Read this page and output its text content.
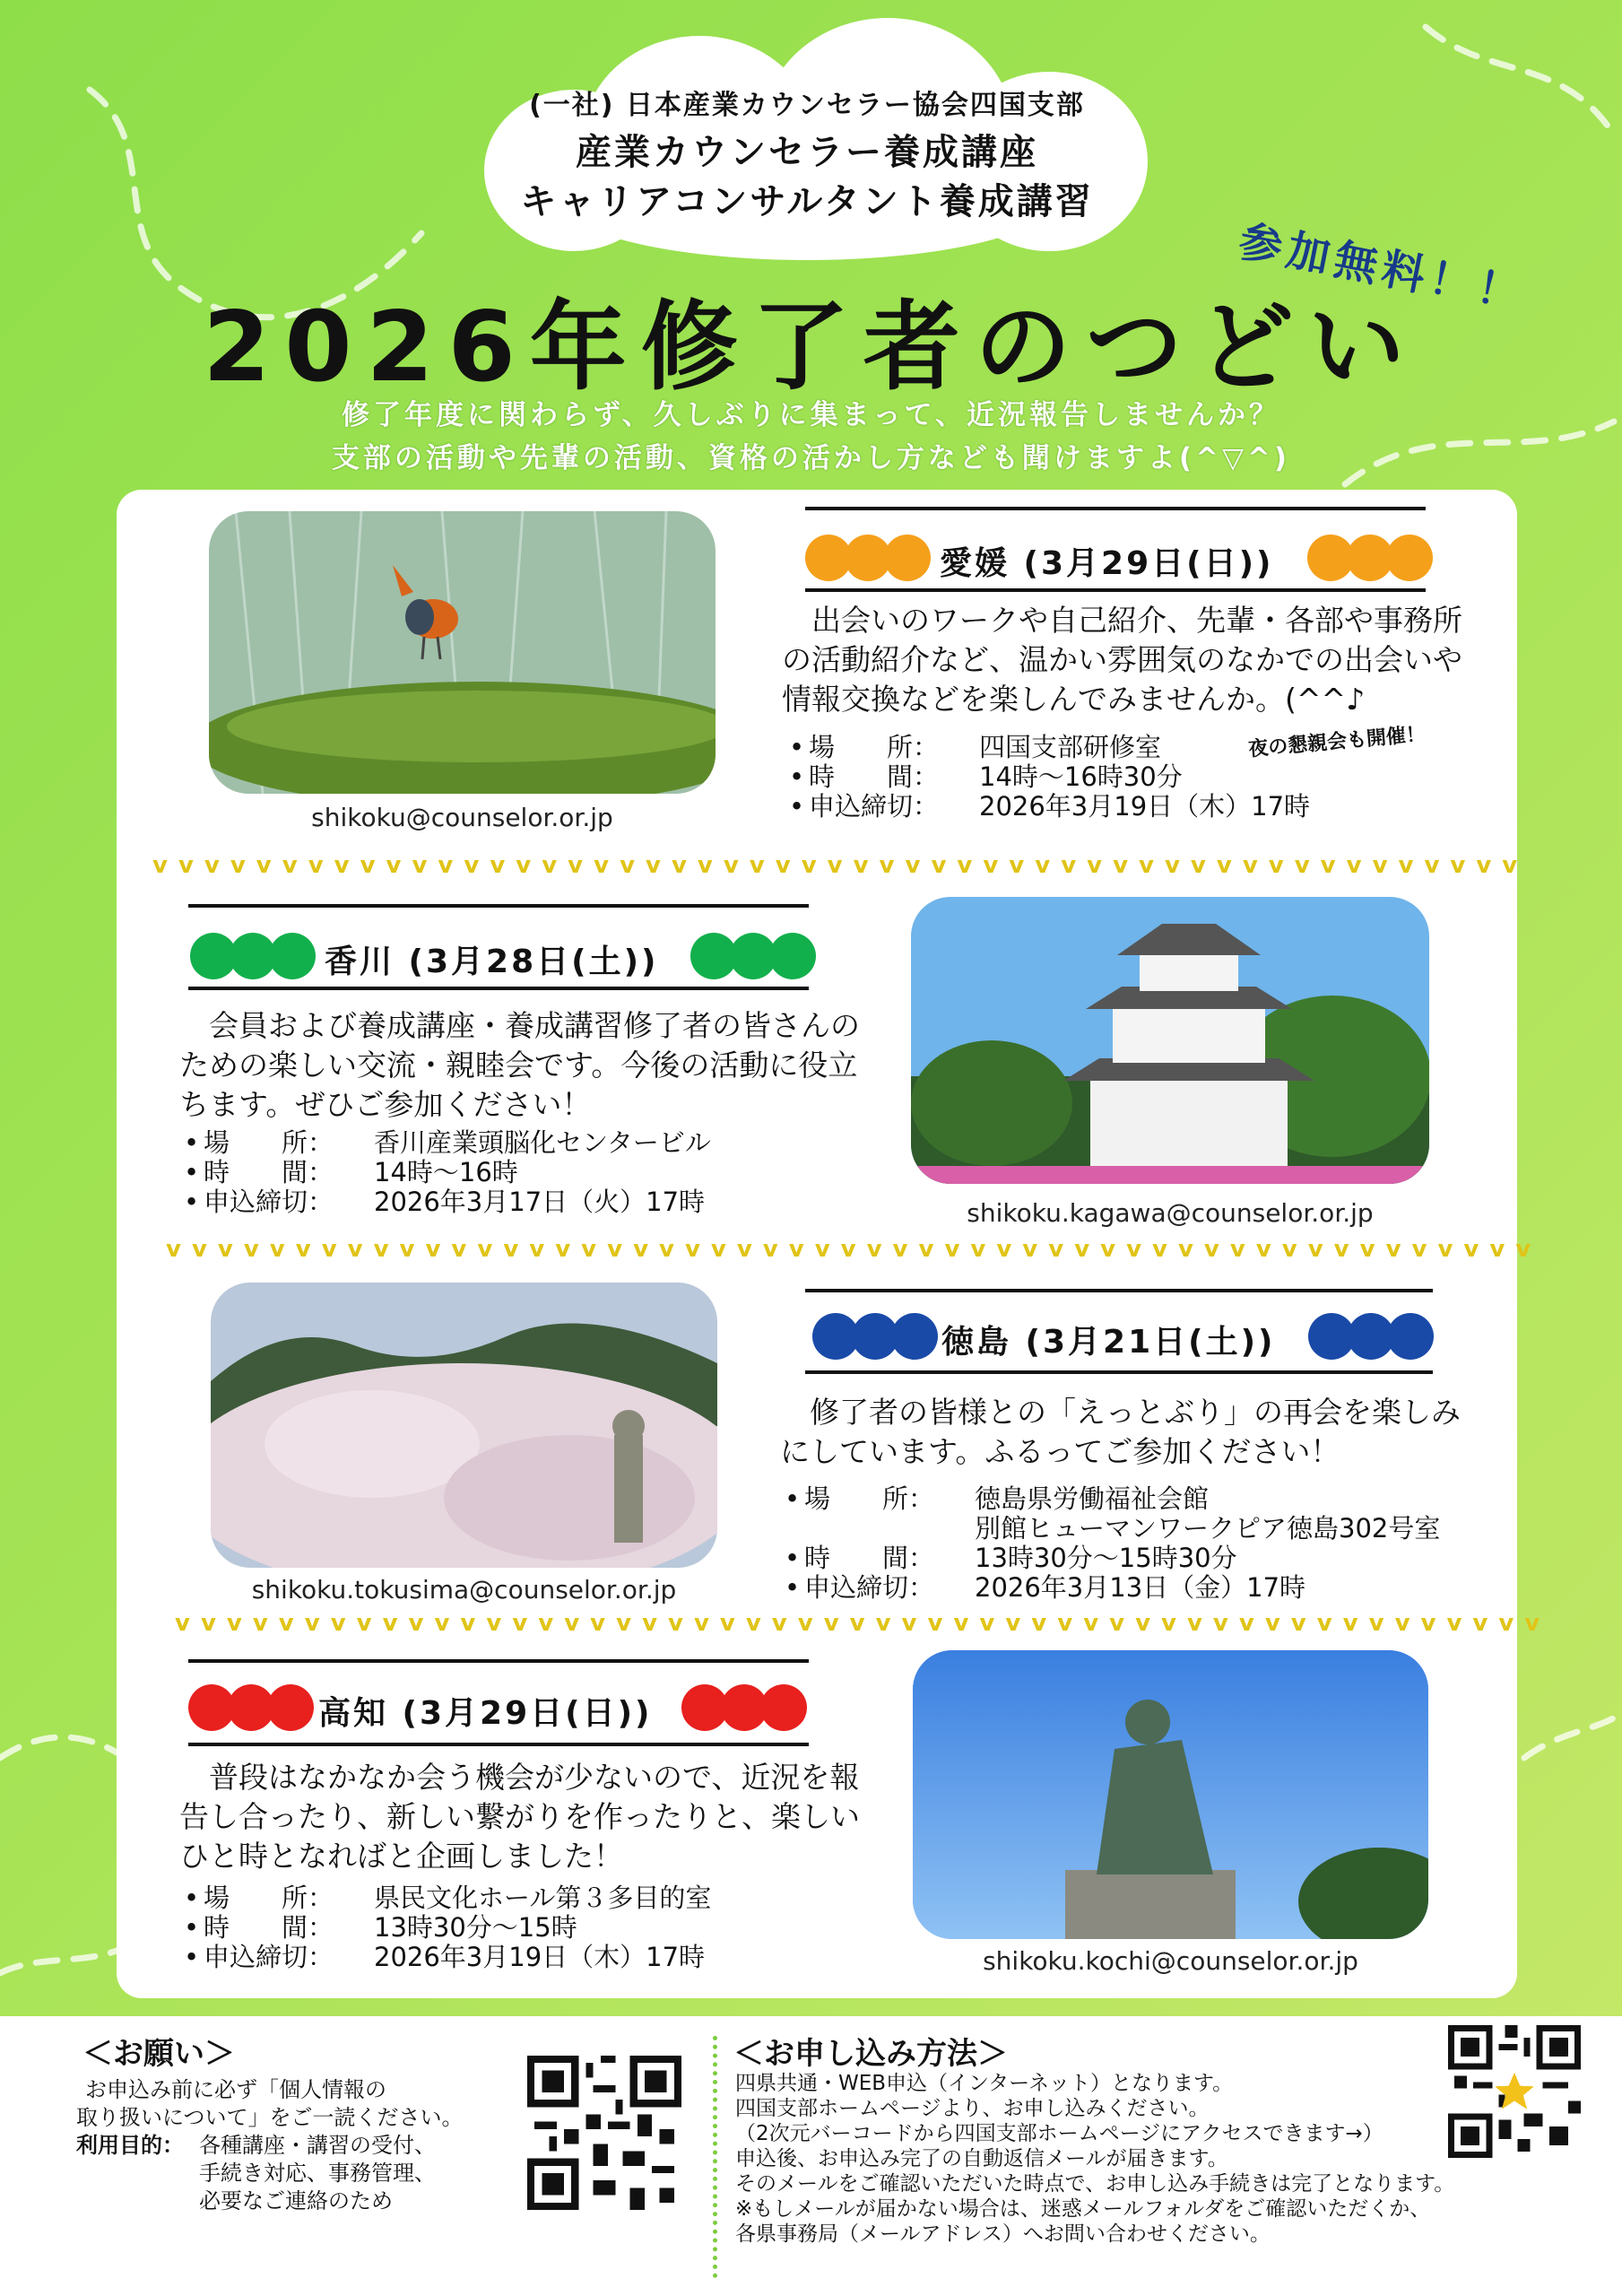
(一社) 日本産業カウンセラー協会四国支部
産業カウンセラー養成講座
キャリアコンサルタント養成講習
参加無料！！
2026年修了者のつどい
修了年度に関わらず、久しぶりに集まって、近況報告しませんか？
支部の活動や先輩の活動、資格の活かし方なども聞けますよ(^▽^)
shikoku@counselor.or.jp
愛媛 (3月29日(日))
　出会いのワークや自己紹介、先輩・各部や事務所の活動紹介など、温かい雰囲気のなかでの出会いや情報交換などを楽しんでみませんか。(^^♪
• 場　　所：	四国支部研修室
• 時　　間：	14時～16時30分
• 申込締切：	2026年3月19日（木）17時
夜の懇親会も開催！
vvvvvvvvvvvvvvvvvvvvvvvvvvvvvvvvvvvvvvvvvvvvvvvvvvvvv
香川 (3月28日(土))
　会員および養成講座・養成講習修了者の皆さんのための楽しい交流・親睦会です。今後の活動に役立ちます。ぜひご参加ください！
• 場　　所：	香川産業頭脳化センタービル
• 時　　間：	14時～16時
• 申込締切：	2026年3月17日（火）17時	shikoku.kagawa@counselor.or.jp
vvvvvvvvvvvvvvvvvvvvvvvvvvvvvvvvvvvvvvvvvvvvvvvvvvvvv
shikoku.tokusima@counselor.or.jp
徳島 (3月21日(土))
　修了者の皆様との「えっとぶり」の再会を楽しみにしています。ふるってご参加ください！
• 場　　所：	徳島県労働福祉会館
別館ヒューマンワークピア徳島302号室
• 時　　間：	13時30分～15時30分
• 申込締切：	2026年3月13日（金）17時
vvvvvvvvvvvvvvvvvvvvvvvvvvvvvvvvvvvvvvvvvvvvvvvvvvvvv
高知 (3月29日(日))
　普段はなかなか会う機会が少ないので、近況を報告し合ったり、新しい繋がりを作ったりと、楽しいひと時となればと企画しました！
• 場　　所：	県民文化ホール第３多目的室
• 時　　間：	13時30分～15時
• 申込締切：	2026年3月19日（木）17時	shikoku.kochi@counselor.or.jp
＜お願い＞
お申込み前に必ず「個人情報の
取り扱いについて」をご一読ください。
利用目的： 各種講座・講習の受付、
手続き対応、事務管理、
必要なご連絡のため
＜お申し込み方法＞
四県共通・WEB申込（インターネット）となります。
四国支部ホームページより、お申し込みください。
（2次元バーコードから四国支部ホームページにアクセスできます→）
申込後、お申込み完了の自動返信メールが届きます。
そのメールをご確認いただいた時点で、お申し込み手続きは完了となります。
※もしメールが届かない場合は、迷惑メールフォルダをご確認いただくか、
各県事務局（メールアドレス）へお問い合わせください。
